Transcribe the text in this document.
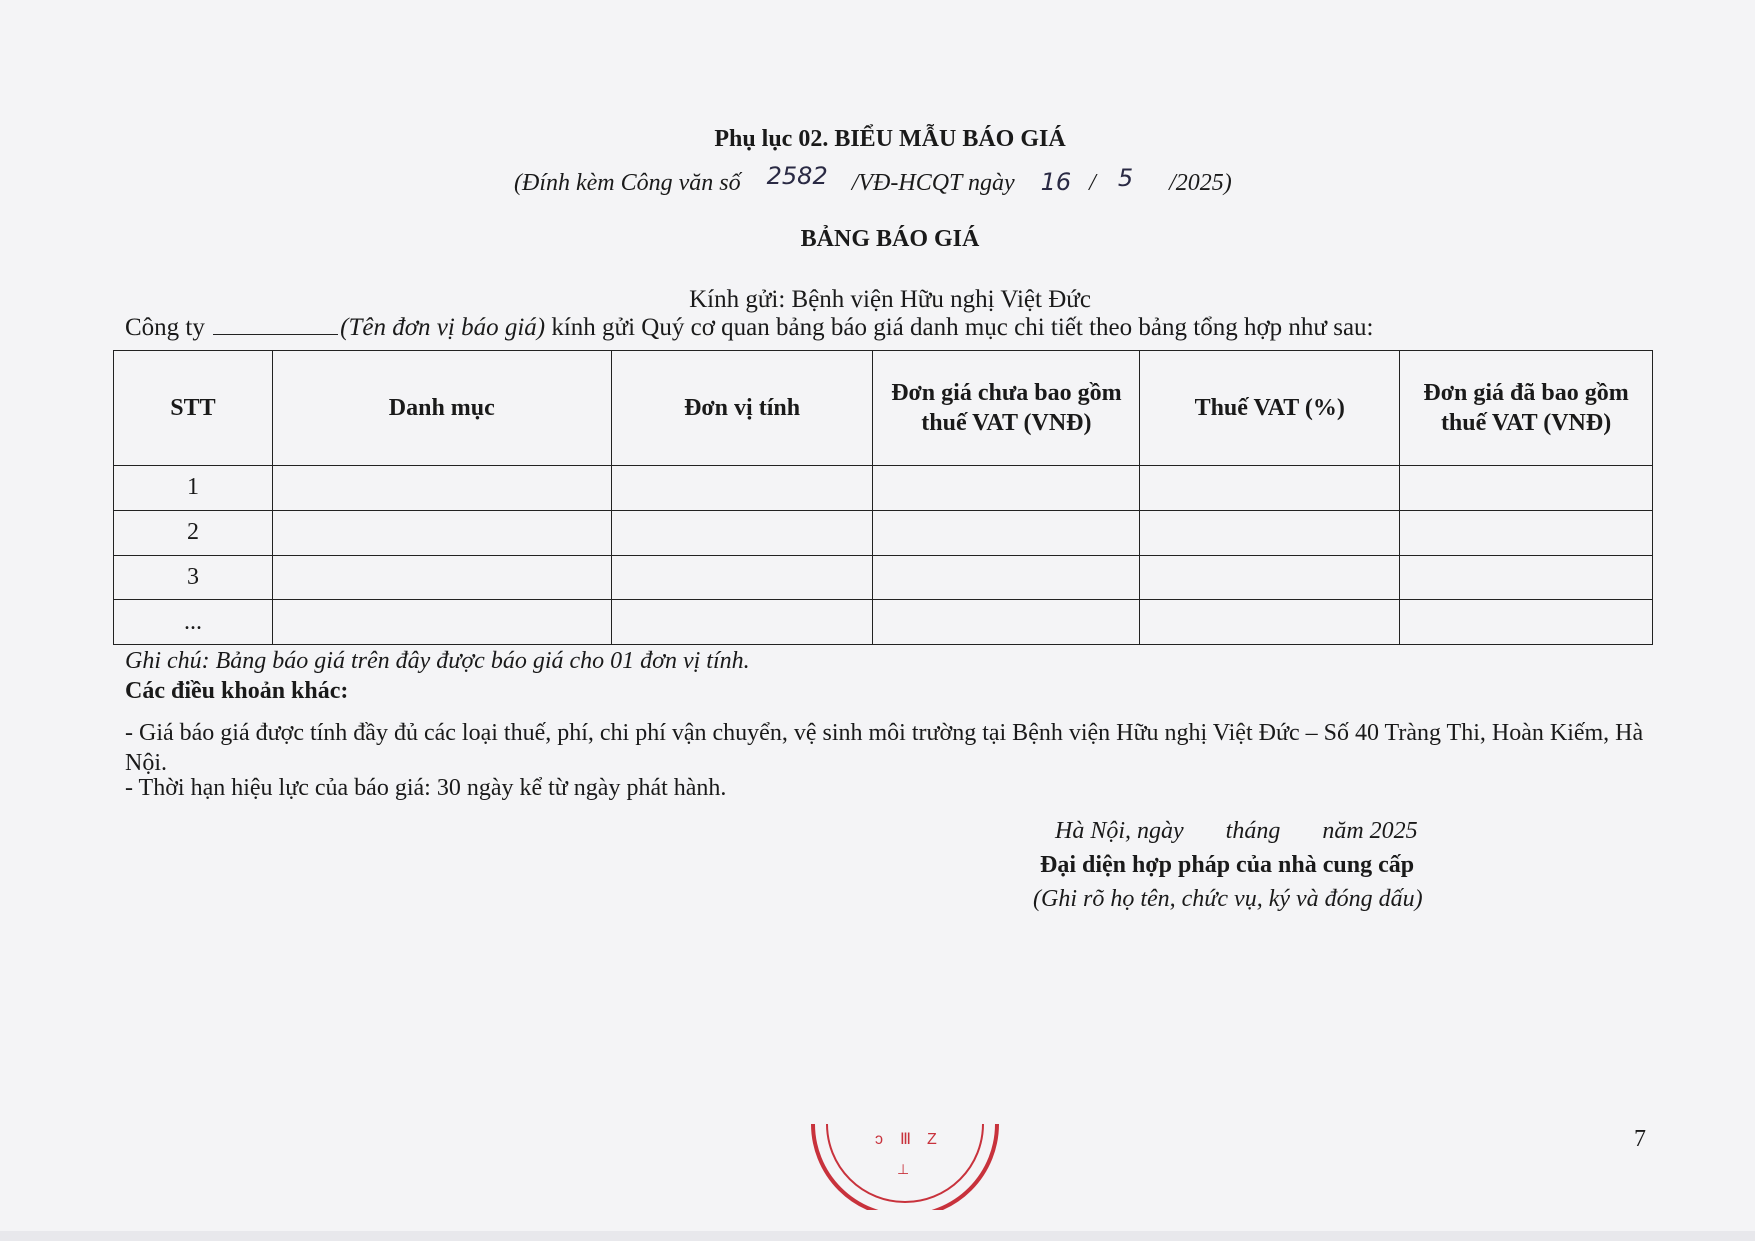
Phụ lục 02. BIỂU MẪU BÁO GIÁ
(Đính kèm Công văn số 2582 /VĐ-HCQT ngày 16 / 5 /2025)
BẢNG BÁO GIÁ
Kính gửi: Bệnh viện Hữu nghị Việt Đức
Công ty	(Tên đơn vị báo giá) kính gửi Quý cơ quan bảng báo giá danh mục chi tiết theo bảng tổng hợp như sau:
STT	Danh mục	Đơn vị tính	Đơn giá chưa bao gồm thuế VAT (VNĐ)	Thuế VAT (%)	Đơn giá đã bao gồm thuế VAT (VNĐ)
1					
2					
3					
...					
Ghi chú: Bảng báo giá trên đây được báo giá cho 01 đơn vị tính.
Các điều khoản khác:
- Giá báo giá được tính đầy đủ các loại thuế, phí, chi phí vận chuyển, vệ sinh môi trường tại Bệnh viện Hữu nghị Việt Đức – Số 40 Tràng Thi, Hoàn Kiếm, Hà Nội.
- Thời hạn hiệu lực của báo giá: 30 ngày kể từ ngày phát hành.
Hà Nội, ngày       tháng       năm 2025
Đại diện hợp pháp của nhà cung cấp
(Ghi rõ họ tên, chức vụ, ký và đóng dấu)
ɔ Ⅲ Z
⊥
7
